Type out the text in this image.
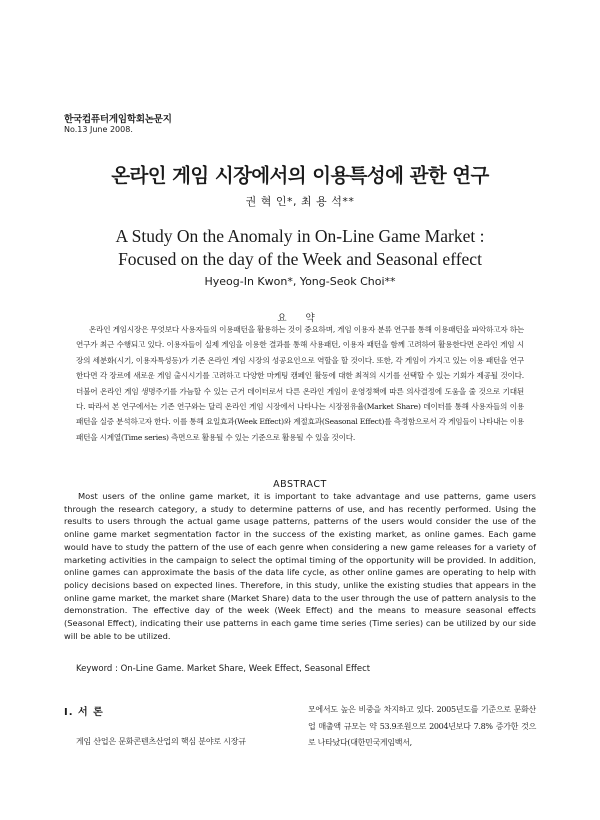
한국컴퓨터게임학회논문지
No.13 June 2008.
온라인 게임 시장에서의 이용특성에 관한 연구
권 혁 인*, 최 용 석**
A Study On the Anomaly in On-Line Game Market :
Focused on the day of the Week and Seasonal effect
Hyeog-In Kwon*, Yong-Seok Choi**
요 약

온라인 게임시장은 무엇보다 사용자들의 이용패턴을 활용하는 것이 중요하며, 게임 이용자 분류 연구를 통해 이용패턴을 파악하고자 하는 연구가 최근 수행되고 있다. 이용자들이 실제 게임을 이용한 결과를 통해 사용패턴, 이용자 패턴을 함께 고려하여 활용한다면 온라인 게임 시장의 세분화(시기, 이용자특성등)가 기존 온라인 게임 시장의 성공요인으로 역할을 할 것이다. 또한, 각 게임이 가지고 있는 이용 패턴을 연구한다면 각 장르에 새로운 게임 출시시기를 고려하고 다양한 마케팅 캠페인 활동에 대한 최적의 시기를 선택할 수 있는 기회가 제공될 것이다. 더불어 온라인 게임 생명주기를 가늠할 수 있는 근거 데이터로서 다른 온라인 게임이 운영정책에 따른 의사결정에 도움을 줄 것으로 기대된다. 따라서 본 연구에서는 기존 연구와는 달리 온라인 게임 시장에서 나타나는 시장점유율(Market Share) 데이터를 통해 사용자들의 이용패턴을 실증 분석하고자 한다. 이를 통해 요일효과(Week Effect)와 계절효과(Seasonal Effect)를 측정함으로서 각 게임들이 나타내는 이용패턴을 시계열(Time series) 측면으로 활용될 수 있는 기준으로 활용될 수 있을 것이다.

ABSTRACT

Most users of the online game market, it is important to take advantage and use patterns, game users through the research category, a study to determine patterns of use, and has recently performed. Using the results to users through the actual game usage patterns, patterns of the users would consider the use of the online game market segmentation factor in the success of the existing market, as online games. Each game would have to study the pattern of the use of each genre when considering a new game releases for a variety of marketing activities in the campaign to select the optimal timing of the opportunity will be provided. In addition, online games can approximate the basis of the data life cycle, as other online games are operating to help with policy decisions based on expected lines. Therefore, in this study, unlike the existing studies that appears in the online game market, the market share (Market Share) data to the user through the use of pattern analysis to the demonstration. The effective day of the week (Week Effect) and the means to measure seasonal effects (Seasonal Effect), indicating their use patterns in each game time series (Time series) can be utilized by our side will be able to be utilized.

Keyword : On-Line Game. Market Share, Week Effect, Seasonal Effect
Ⅰ. 서 론

게임 산업은 문화콘텐츠산업의 핵심 분야로 시장규

모에서도 높은 비중을 차지하고 있다. 2005년도를 기준으로 문화산업 매출액 규모는 약 53.9조원으로 2004년보다 7.8% 증가한 것으로 나타났다(대한민국게임백서,
